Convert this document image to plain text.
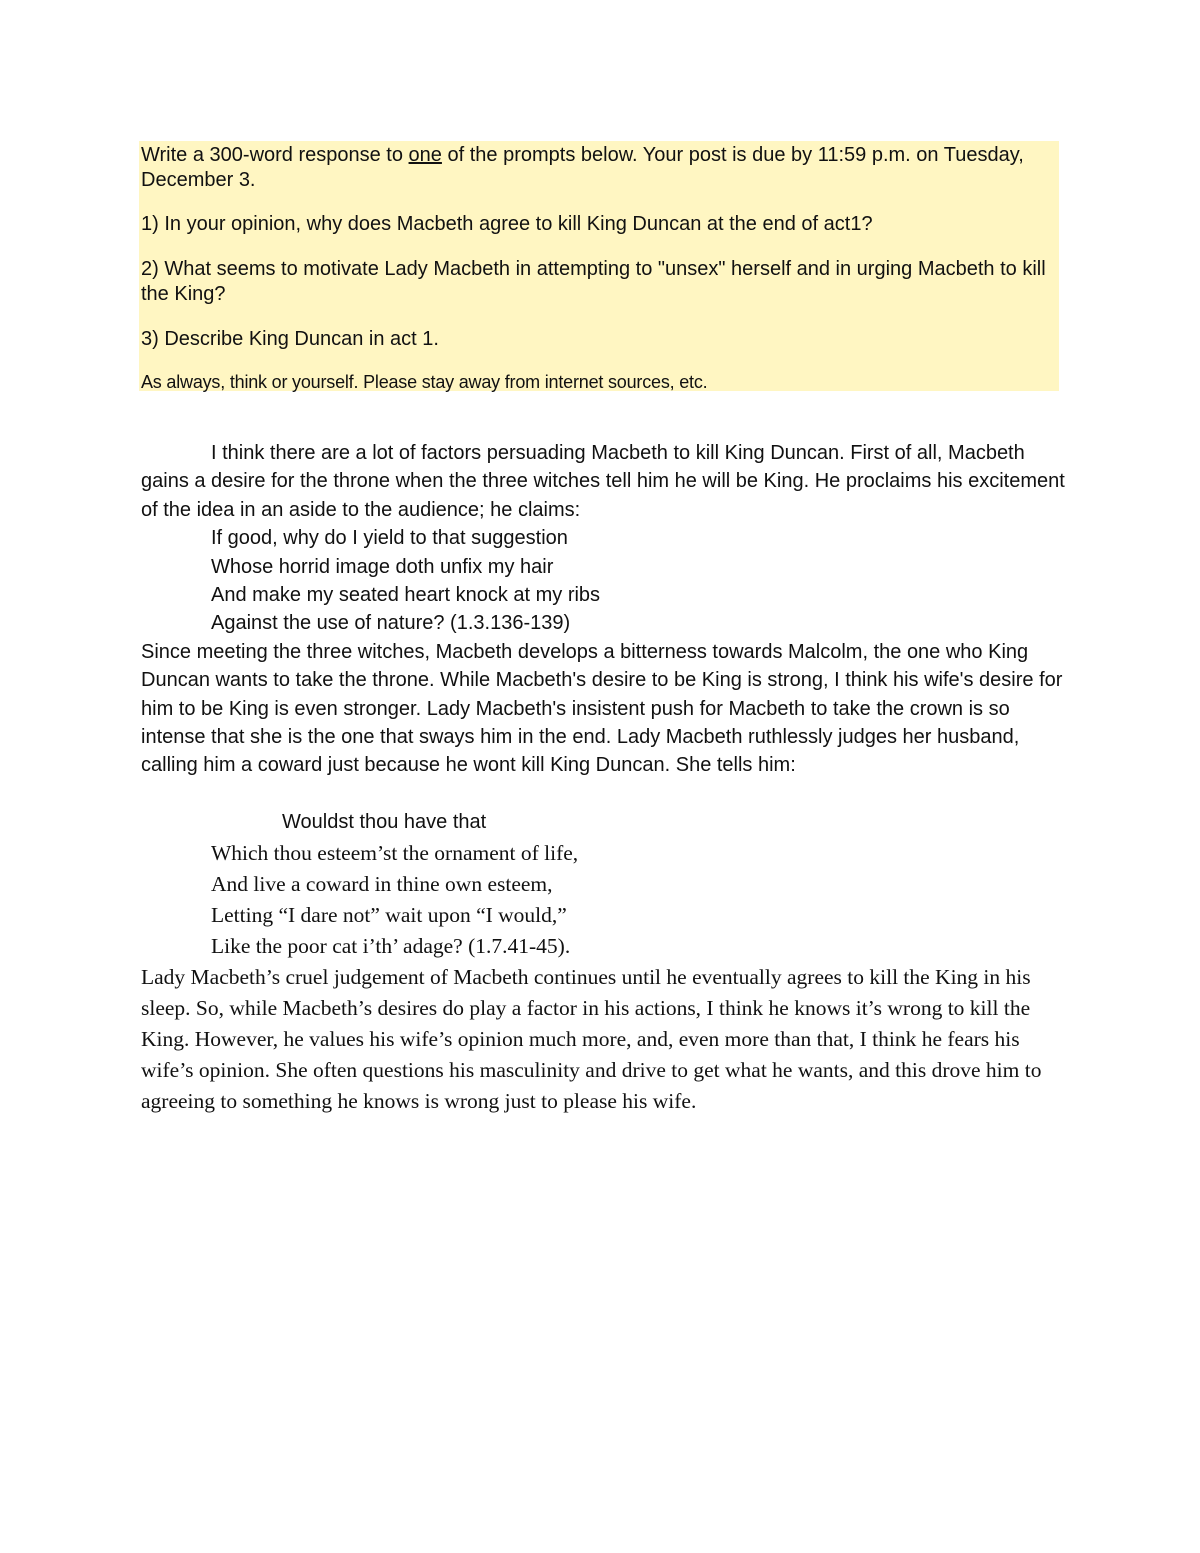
Write a 300-word response to one of the prompts below. Your post is due by 11:59 p.m. on Tuesday, December 3.

1) In your opinion, why does Macbeth agree to kill King Duncan at the end of act1?

2) What seems to motivate Lady Macbeth in attempting to "unsex" herself and in urging Macbeth to kill the King?

3) Describe King Duncan in act 1.

As always, think or yourself. Please stay away from internet sources, etc.

I think there are a lot of factors persuading Macbeth to kill King Duncan. First of all, Macbeth gains a desire for the throne when the three witches tell him he will be King. He proclaims his excitement of the idea in an aside to the audience; he claims:

If good, why do I yield to that suggestion

Whose horrid image doth unfix my hair

And make my seated heart knock at my ribs

Against the use of nature? (1.3.136-139)

Since meeting the three witches, Macbeth develops a bitterness towards Malcolm, the one who King Duncan wants to take the throne. While Macbeth's desire to be King is strong, I think his wife's desire for him to be King is even stronger. Lady Macbeth's insistent push for Macbeth to take the crown is so intense that she is the one that sways him in the end. Lady Macbeth ruthlessly judges her husband, calling him a coward just because he wont kill King Duncan. She tells him:

Wouldst thou have that

Which thou esteem’st the ornament of life,

And live a coward in thine own esteem,

Letting “I dare not” wait upon “I would,”

Like the poor cat i’th’ adage? (1.7.41-45).

Lady Macbeth’s cruel judgement of Macbeth continues until he eventually agrees to kill the King in his sleep. So, while Macbeth’s desires do play a factor in his actions, I think he knows it’s wrong to kill the King. However, he values his wife’s opinion much more, and, even more than that, I think he fears his wife’s opinion. She often questions his masculinity and drive to get what he wants, and this drove him to agreeing to something he knows is wrong just to please his wife.
